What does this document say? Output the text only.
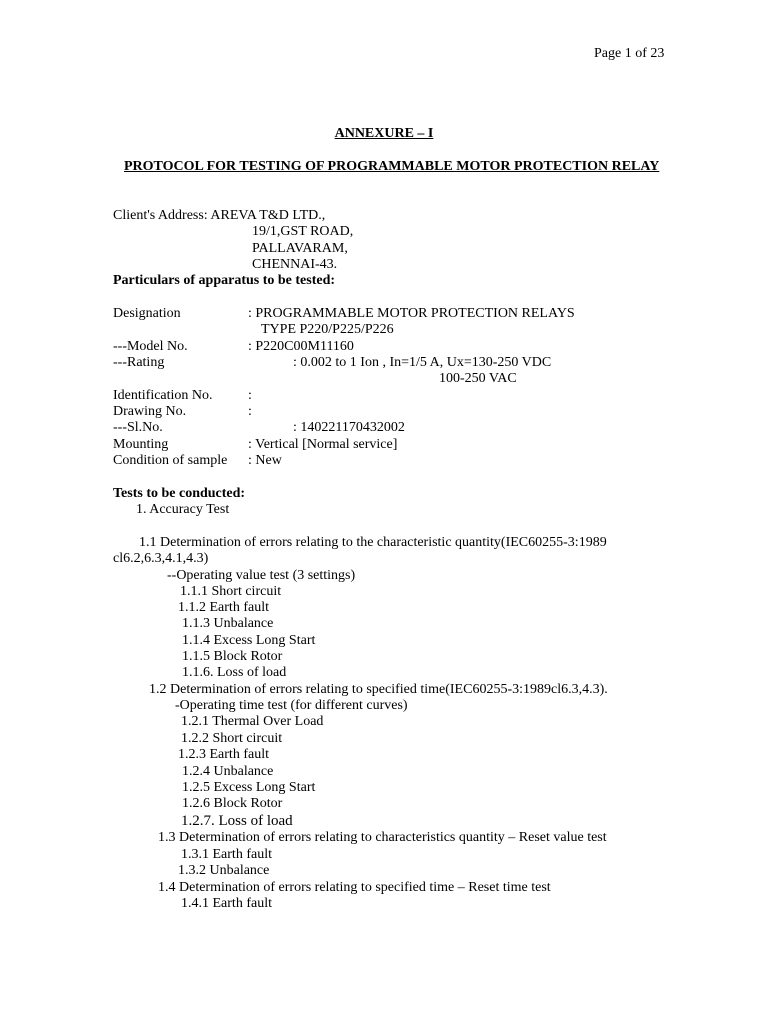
Page 1 of 23
ANNEXURE – I
PROTOCOL FOR TESTING OF PROGRAMMABLE MOTOR PROTECTION RELAY
Client's Address: AREVA T&D LTD.,
19/1,GST ROAD,
PALLAVARAM,
CHENNAI-43.
Particulars of apparatus to be tested:
Designation	: PROGRAMMABLE MOTOR PROTECTION RELAYS
TYPE P220/P225/P226
---Model No.	: P220C00M11160
---Rating	: 0.002 to 1 Ion , In=1/5 A, Ux=130-250 VDC
100-250 VAC
Identification No.	:
Drawing No.	:
---Sl.No.	: 140221170432002
Mounting	: Vertical [Normal service]
Condition of sample : New
Tests to be conducted:
1. Accuracy Test
1.1 Determination of errors relating to the characteristic quantity(IEC60255-3:1989
cl6.2,6.3,4.1,4.3)
--Operating value test (3 settings)
1.1.1 Short circuit
1.1.2 Earth fault
1.1.3 Unbalance
1.1.4 Excess Long Start
1.1.5 Block Rotor
1.1.6. Loss of load
1.2 Determination of errors relating to specified time(IEC60255-3:1989cl6.3,4.3).
-Operating time test (for different curves)
1.2.1 Thermal Over Load
1.2.2 Short circuit
1.2.3 Earth fault
1.2.4 Unbalance
1.2.5 Excess Long Start
1.2.6 Block Rotor
1.2.7. Loss of load
1.3 Determination of errors relating to characteristics quantity – Reset value test
1.3.1 Earth fault
1.3.2 Unbalance
1.4 Determination of errors relating to specified time – Reset time test
1.4.1 Earth fault
